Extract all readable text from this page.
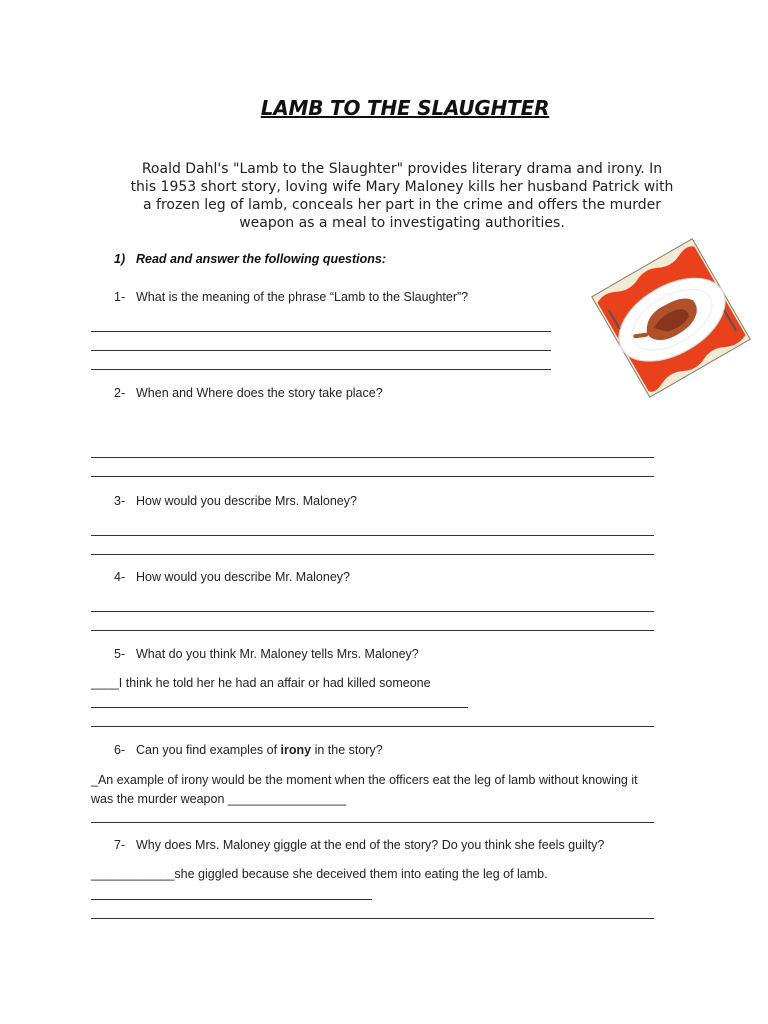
LAMB TO THE SLAUGHTER
Roald Dahl's "Lamb to the Slaughter" provides literary drama and irony. In this 1953 short story, loving wife Mary Maloney kills her husband Patrick with a frozen leg of lamb, conceals her part in the crime and offers the murder weapon as a meal to investigating authorities.
1) Read and answer the following questions:
1- What is the meaning of the phrase “Lamb to the Slaughter”?
2- When and Where does the story take place?
3- How would you describe Mrs. Maloney?
4- How would you describe Mr. Maloney?
5- What do you think Mr. Maloney tells Mrs. Maloney?
____I think he told her he had an affair or had killed someone
6- Can you find examples of irony in the story?
_An example of irony would be the moment when the officers eat the leg of lamb without knowing it was the murder weapon _________________
7- Why does Mrs. Maloney giggle at the end of the story? Do you think she feels guilty?
____________she giggled because she deceived them into eating the leg of lamb.
